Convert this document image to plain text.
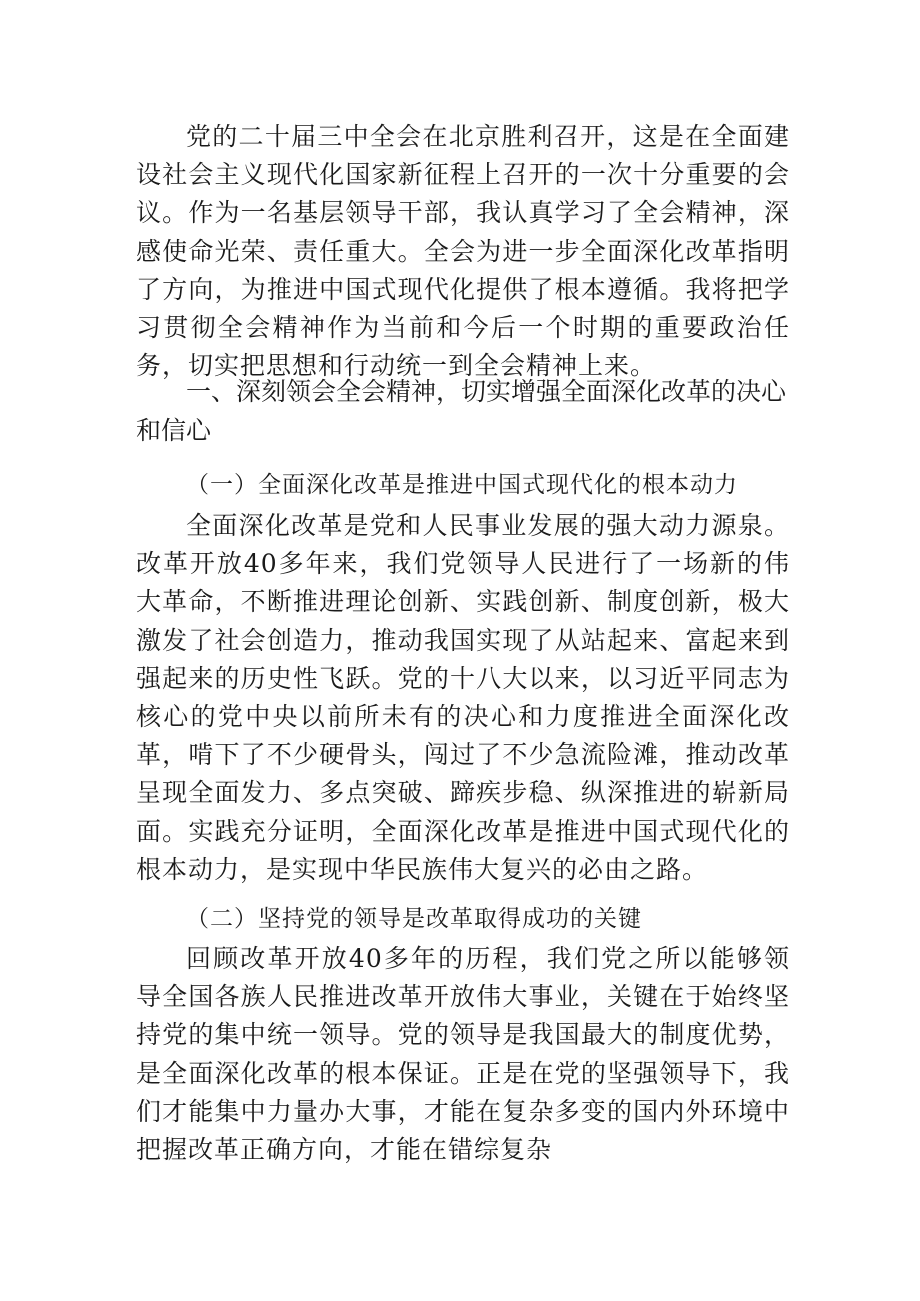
党的二十届三中全会在北京胜利召开，这是在全面建设社会主义现代化国家新征程上召开的一次十分重要的会议。作为一名基层领导干部，我认真学习了全会精神，深感使命光荣、责任重大。全会为进一步全面深化改革指明了方向，为推进中国式现代化提供了根本遵循。我将把学习贯彻全会精神作为当前和今后一个时期的重要政治任务，切实把思想和行动统一到全会精神上来。

一、深刻领会全会精神，切实增强全面深化改革的决心和信心

（一）全面深化改革是推进中国式现代化的根本动力

全面深化改革是党和人民事业发展的强大动力源泉。改革开放40多年来，我们党领导人民进行了一场新的伟大革命，不断推进理论创新、实践创新、制度创新，极大激发了社会创造力，推动我国实现了从站起来、富起来到强起来的历史性飞跃。党的十八大以来，以习近平同志为核心的党中央以前所未有的决心和力度推进全面深化改革，啃下了不少硬骨头，闯过了不少急流险滩，推动改革呈现全面发力、多点突破、蹄疾步稳、纵深推进的崭新局面。实践充分证明，全面深化改革是推进中国式现代化的根本动力，是实现中华民族伟大复兴的必由之路。

（二）坚持党的领导是改革取得成功的关键

回顾改革开放40多年的历程，我们党之所以能够领导全国各族人民推进改革开放伟大事业，关键在于始终坚持党的集中统一领导。党的领导是我国最大的制度优势，是全面深化改革的根本保证。正是在党的坚强领导下，我们才能集中力量办大事，才能在复杂多变的国内外环境中把握改革正确方向，才能在错综复杂
